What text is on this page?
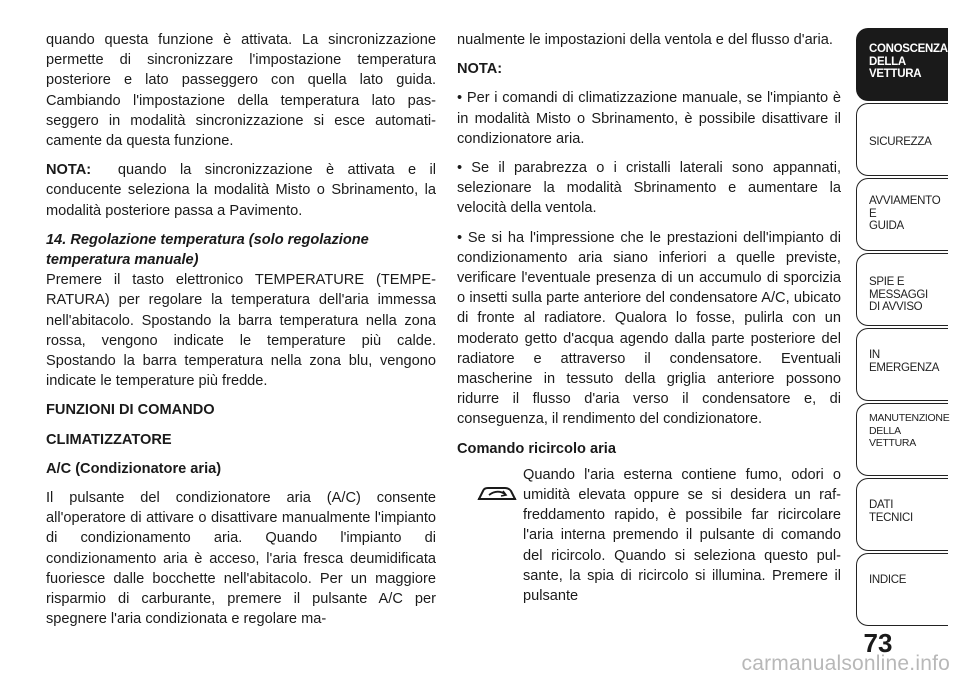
quando questa funzione è attivata. La sincronizzazione permette di sincronizzare l'impostazione temperatura posteriore e lato passeggero con quella lato guida. Cambiando l'impostazione della temperatura lato passeggero in modalità sincronizzazione si esce automaticamente da questa funzione.

NOTA: quando la sincronizzazione è attivata e il conducente seleziona la modalità Misto o Sbrinamento, la modalità posteriore passa a Pavimento.

14. Regolazione temperatura (solo regolazione

temperatura manuale)

Premere il tasto elettronico TEMPERATURE (TEMPERATURA) per regolare la temperatura dell'aria immessa nell'abitacolo. Spostando la barra temperatura nella zona rossa, vengono indicate le temperature più calde. Spostando la barra temperatura nella zona blu, vengono indicate le temperature più fredde.

FUNZIONI DI COMANDO

CLIMATIZZATORE

A/C (Condizionatore aria)

Il pulsante del condizionatore aria (A/C) consente all'operatore di attivare o disattivare manualmente l'impianto di condizionamento aria. Quando l'impianto di condizionamento aria è acceso, l'aria fresca deumidificata fuoriesce dalle bocchette nell'abitacolo. Per un maggiore risparmio di carburante, premere il pulsante A/C per spegnere l'aria condizionata e regolare ma-

nualmente le impostazioni della ventola e del flusso d'aria.

NOTA:

• Per i comandi di climatizzazione manuale, se l'impianto è in modalità Misto o Sbrinamento, è possibile disattivare il condizionatore aria.

• Se il parabrezza o i cristalli laterali sono appannati, selezionare la modalità Sbrinamento e aumentare la velocità della ventola.

• Se si ha l'impressione che le prestazioni dell'impianto di condizionamento aria siano inferiori a quelle previste, verificare l'eventuale presenza di un accumulo di sporcizia o insetti sulla parte anteriore del condensatore A/C, ubicato di fronte al radiatore. Qualora lo fosse, pulirla con un moderato getto d'acqua agendo dalla parte posteriore del radiatore e attraverso il condensatore. Eventuali mascherine in tessuto della griglia anteriore possono ridurre il flusso d'aria verso il condensatore e, di conseguenza, il rendimento del condizionatore.

Comando ricircolo aria

Quando l'aria esterna contiene fumo, odori o umidità elevata oppure se si desidera un raffreddamento rapido, è possibile far ricircolare l'aria interna premendo il pulsante di comando del ricircolo. Quando si seleziona questo pulsante, la spia di ricircolo si illumina. Premere il pulsante

CONOSCENZA
DELLA
VETTURA
SICUREZZA
AVVIAMENTO
E
GUIDA
SPIE E
MESSAGGI
DI AVVISO
IN
EMERGENZA
MANUTENZIONE
DELLA
VETTURA
DATI
TECNICI
INDICE
73
carmanualsonline.info
